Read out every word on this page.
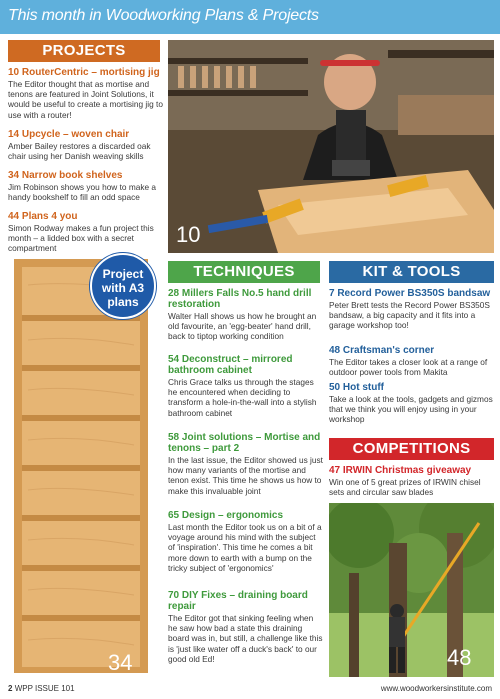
This month in Woodworking Plans & Projects
PROJECTS
10 RouterCentric – mortising jig
The Editor thought that as mortise and tenons are featured in Joint Solutions, it would be useful to create a mortising jig to use with a router!
14 Upcycle – woven chair
Amber Bailey restores a discarded oak chair using her Danish weaving skills
34 Narrow book shelves
Jim Robinson shows you how to make a handy bookshelf to fill an odd space
44 Plans 4 you
Simon Rodway makes a fun project this month – a lidded box with a secret compartment
10
34
Project
with A3
plans
TECHNIQUES
28 Millers Falls No.5 hand drill restoration
Walter Hall shows us how he brought an old favourite, an 'egg-beater' hand drill, back to tiptop working condition
54 Deconstruct – mirrored bathroom cabinet
Chris Grace talks us through the stages he encountered when deciding to transform a hole-in-the-wall into a stylish bathroom cabinet
58 Joint solutions – Mortise and tenons – part 2
In the last issue, the Editor showed us just how many variants of the mortise and tenon exist. This time he shows us how to make this invaluable joint
65 Design – ergonomics
Last month the Editor took us on a bit of a voyage around his mind with the subject of 'inspiration'. This time he comes a bit more down to earth with a bump on the tricky subject of 'ergonomics'
70 DIY Fixes – draining board repair
The Editor got that sinking feeling when he saw how bad a state this draining board was in, but still, a challenge like this is 'just like water off a duck's back' to our good old Ed!
KIT & TOOLS
7 Record Power BS350S bandsaw
Peter Brett tests the Record Power BS350S bandsaw, a big capacity and it fits into a garage workshop too!
48 Craftsman's corner
The Editor takes a closer look at a range of outdoor power tools from Makita
50 Hot stuff
Take a look at the tools, gadgets and gizmos that we think you will enjoy using in your workshop
COMPETITIONS
47 IRWIN Christmas giveaway
Win one of 5 great prizes of IRWIN chisel sets and circular saw blades
48
2 WPP ISSUE 101	www.woodworkersinstitute.com
